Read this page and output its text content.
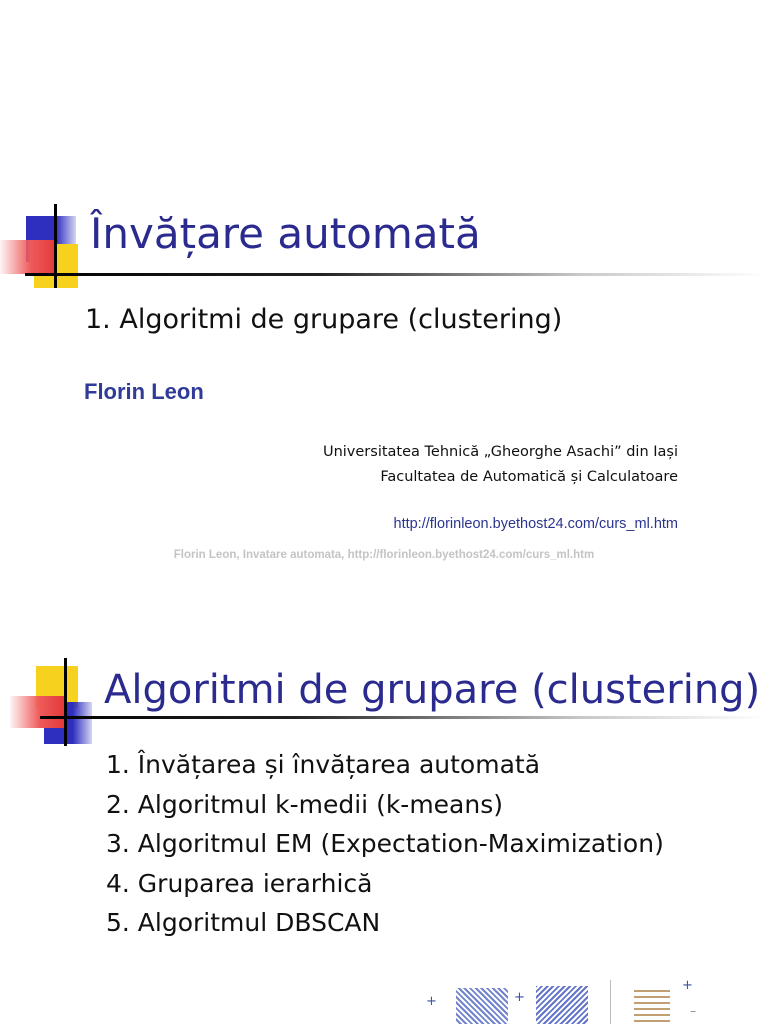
Învățare automată
1. Algoritmi de grupare (clustering)
Florin Leon
Universitatea Tehnică „Gheorghe Asachi” din Iași
Facultatea de Automatică și Calculatoare
http://florinleon.byethost24.com/curs_ml.htm
Florin Leon, Invatare automata, http://florinleon.byethost24.com/curs_ml.htm
Algoritmi de grupare (clustering)
1. Învățarea și învățarea automată
2. Algoritmul k-medii (k-means)
3. Algoritmul EM (Expectation-Maximization)
4. Gruparea ierarhică
5. Algoritmul DBSCAN
+	+
+
–
